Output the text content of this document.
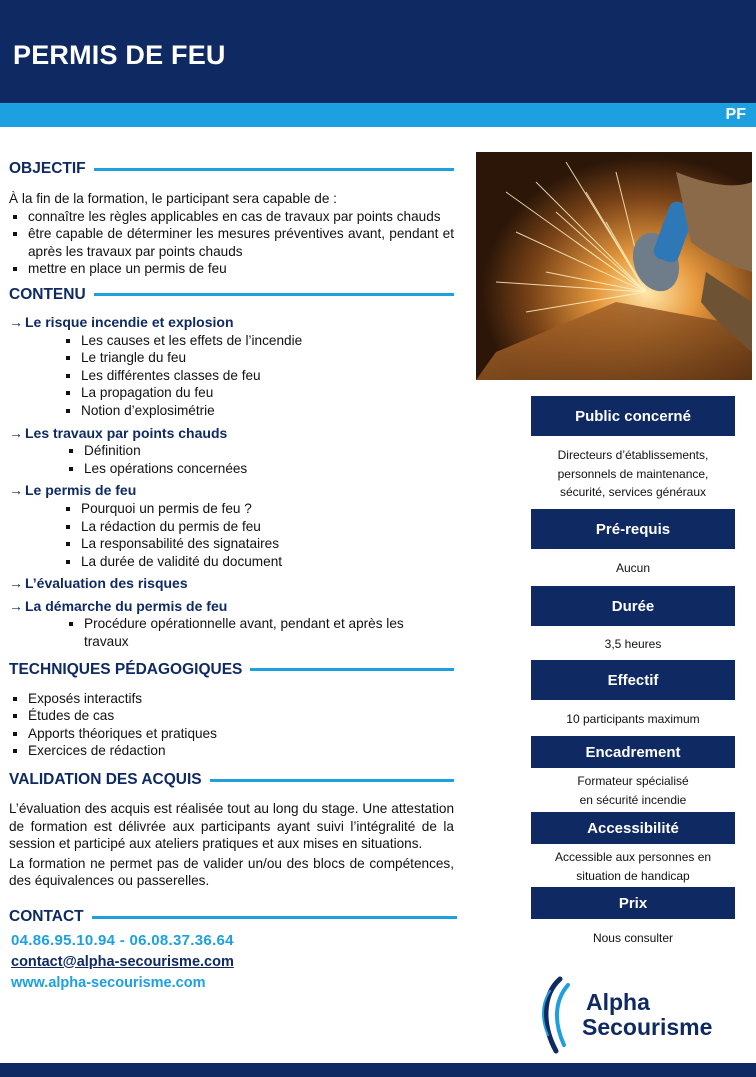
PERMIS DE FEU
PF
OBJECTIF
À la fin de la formation, le participant sera capable de :
connaître les règles applicables en cas de travaux par points chauds
être capable de déterminer les mesures préventives avant, pendant et après les travaux par points chauds
mettre en place un permis de feu
CONTENU
→ Le risque incendie et explosion
Les causes et les effets de l’incendie
Le triangle du feu
Les différentes classes de feu
La propagation du feu
Notion d’explosimétrie
→ Les travaux par points chauds
Définition
Les opérations concernées
→ Le permis de feu
Pourquoi un permis de feu ?
La rédaction du permis de feu
La responsabilité des signataires
La durée de validité du document
→ L’évaluation des risques
→ La démarche du permis de feu
Procédure opérationnelle avant, pendant et après les travaux
TECHNIQUES PÉDAGOGIQUES
Exposés interactifs
Études de cas
Apports théoriques et pratiques
Exercices de rédaction
VALIDATION DES ACQUIS
L’évaluation des acquis est réalisée tout au long du stage. Une attestation de formation est délivrée aux participants ayant suivi l’intégralité de la session et participé aux ateliers pratiques et aux mises en situations.
La formation ne permet pas de valider un/ou des blocs de compétences, des équivalences ou passerelles.
CONTACT
04.86.95.10.94 - 06.08.37.36.64
contact@alpha-secourisme.com
www.alpha-secourisme.com
Public concerné
Directeurs d’établissements,
personnels de maintenance,
sécurité, services généraux
Pré-requis
Aucun
Durée
3,5 heures
Effectif
10 participants maximum
Encadrement
Formateur spécialisé
en sécurité incendie
Accessibilité
Accessible aux personnes en
situation de handicap
Prix
Nous consulter
Alpha
Secourisme
